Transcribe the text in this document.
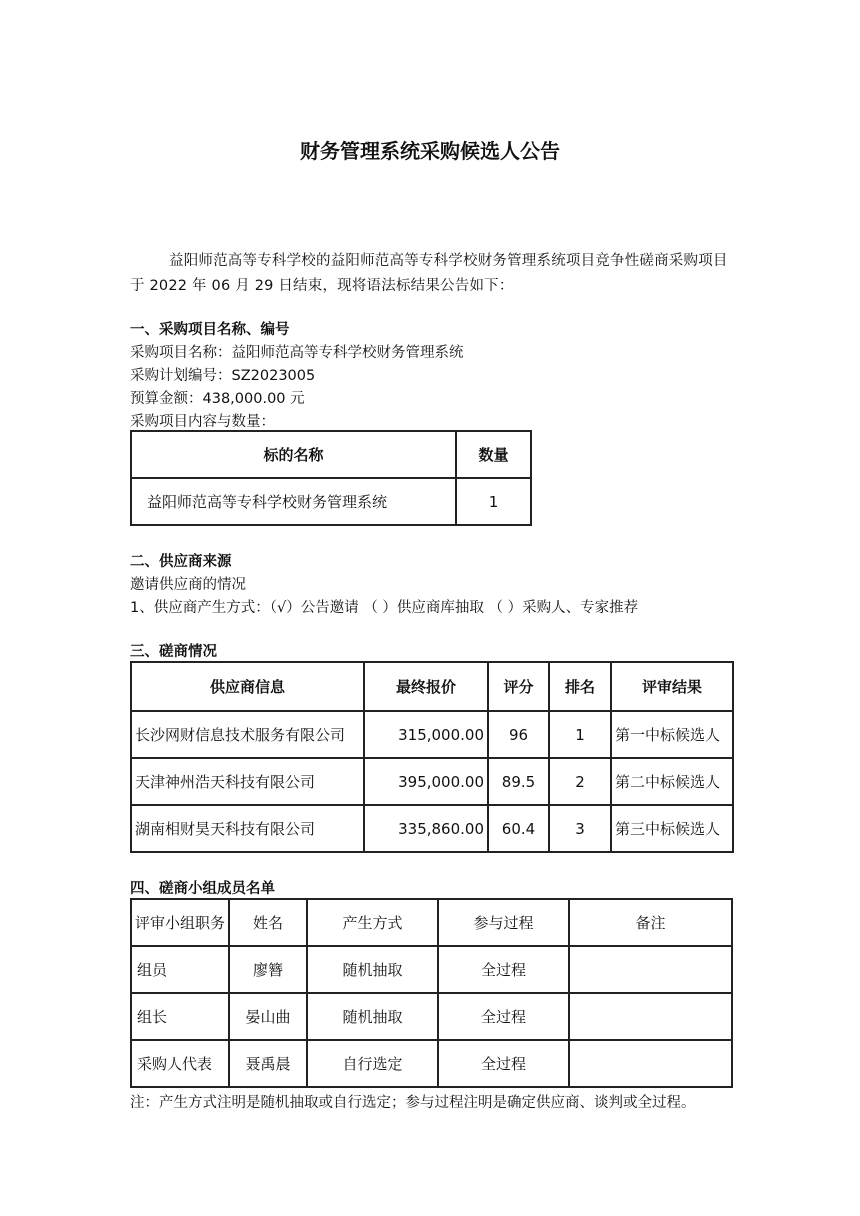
财务管理系统采购候选人公告
益阳师范高等专科学校的益阳师范高等专科学校财务管理系统项目竞争性磋商采购项目于 2022 年 06 月 29 日结束，现将语法标结果公告如下：
一、采购项目名称、编号
采购项目名称：益阳师范高等专科学校财务管理系统
采购计划编号：SZ2023005
预算金额：438,000.00 元
采购项目内容与数量：
标的名称	数量
益阳师范高等专科学校财务管理系统	1
二、供应商来源
邀请供应商的情况
1、供应商产生方式：（√）公告邀请 （ ）供应商库抽取 （ ）采购人、专家推荐
三、磋商情况
供应商信息	最终报价	评分	排名	评审结果
长沙网财信息技术服务有限公司	315,000.00	96	1	第一中标候选人
天津神州浩天科技有限公司	395,000.00	89.5	2	第二中标候选人
湖南相财昊天科技有限公司	335,860.00	60.4	3	第三中标候选人
四、磋商小组成员名单
评审小组职务	姓名	产生方式	参与过程	备注
组员	廖簪	随机抽取	全过程	
组长	晏山曲	随机抽取	全过程	
采购人代表	聂禹晨	自行选定	全过程	
注：产生方式注明是随机抽取或自行选定；参与过程注明是确定供应商、谈判或全过程。
